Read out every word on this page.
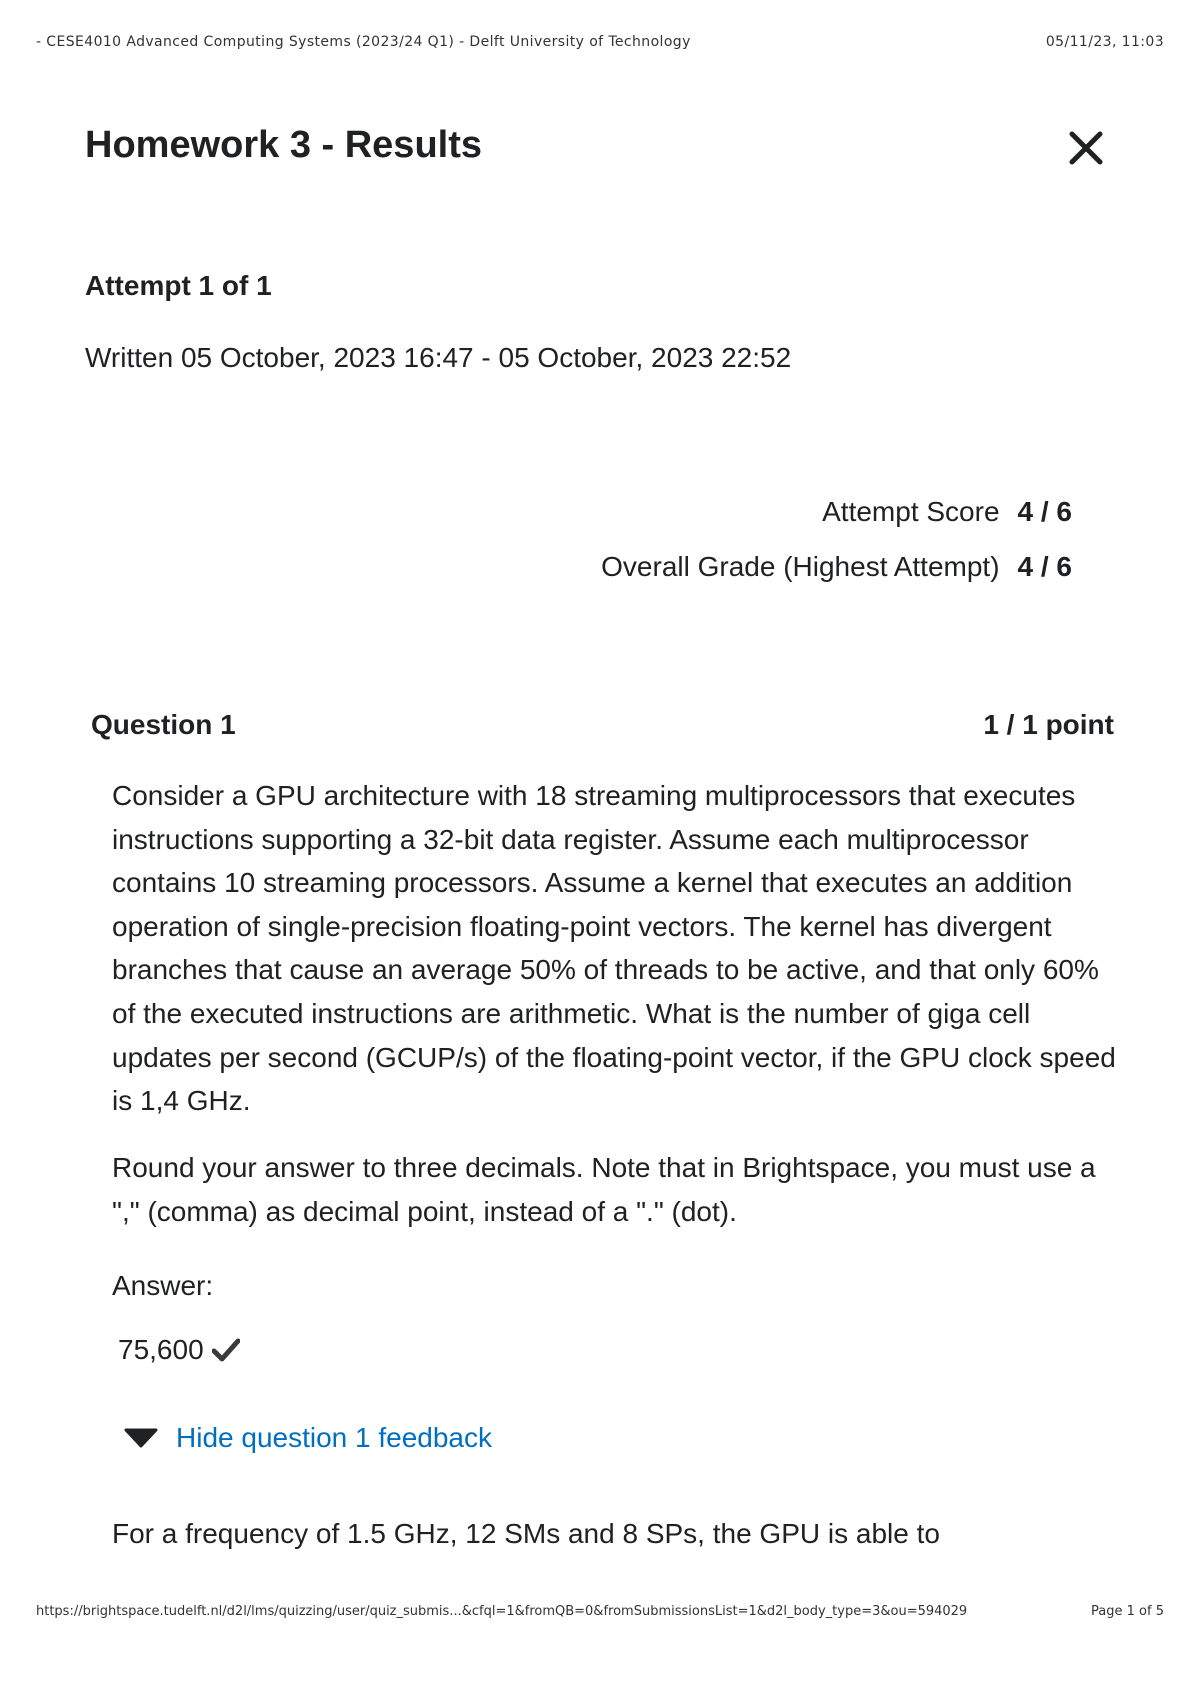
- CESE4010 Advanced Computing Systems (2023/24 Q1) - Delft University of Technology	05/11/23, 11:03
Homework 3 - Results
Attempt 1 of 1
Written 05 October, 2023 16:47 - 05 October, 2023 22:52
Attempt Score 4 / 6
Overall Grade (Highest Attempt) 4 / 6
Question 1	1 / 1 point

Consider a GPU architecture with 18 streaming multiprocessors that executes instructions supporting a 32-bit data register. Assume each multiprocessor contains 10 streaming processors. Assume a kernel that executes an addition operation of single-precision floating-point vectors. The kernel has divergent branches that cause an average 50% of threads to be active, and that only 60% of the executed instructions are arithmetic. What is the number of giga cell updates per second (GCUP/s) of the floating-point vector, if the GPU clock speed is 1,4 GHz.

Round your answer to three decimals. Note that in Brightspace, you must use a "," (comma) as decimal point, instead of a "." (dot).

Answer:
75,600
Hide question 1 feedback
For a frequency of 1.5 GHz, 12 SMs and 8 SPs, the GPU is able to
https://brightspace.tudelft.nl/d2l/lms/quizzing/user/quiz_submis...&cfql=1&fromQB=0&fromSubmissionsList=1&d2l_body_type=3&ou=594029	Page 1 of 5
